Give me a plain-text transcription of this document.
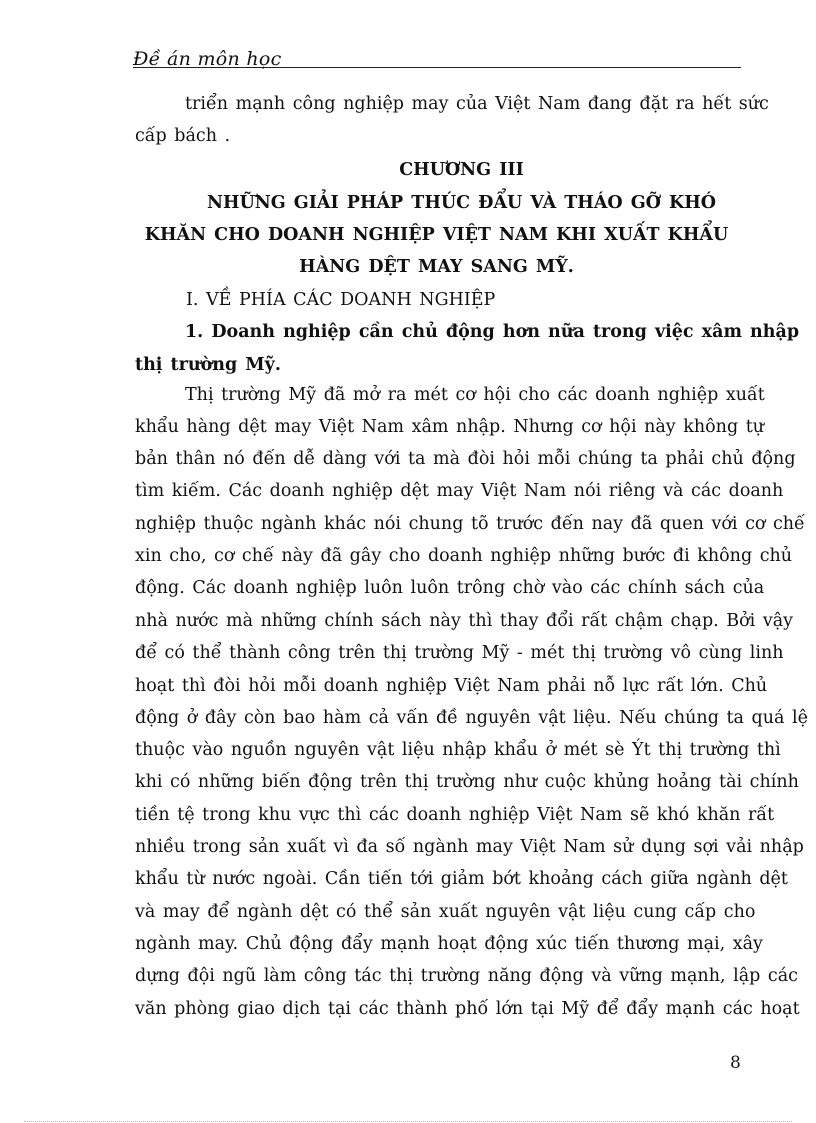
Đề án môn học
triển mạnh công nghiệp may của Việt Nam đang đặt ra hết sức
cấp bách .
CHƯƠNG III
NHỮNG GIẢI PHÁP THÚC ĐẨU VÀ THÁO GỠ KHÓ
KHĂN CHO DOANH NGHIỆP VIỆT NAM KHI XUẤT KHẨU
HÀNG DỆT MAY SANG MỸ.
I. VỀ PHÍA CÁC DOANH NGHIỆP
1. Doanh nghiệp cần chủ động hơn nữa trong việc xâm nhập
thị trường Mỹ.
Thị trường Mỹ đã mở ra mét cơ hội cho các doanh nghiệp xuất
khẩu hàng dệt may Việt Nam xâm nhập. Nhưng cơ hội này không tự
bản thân nó đến dễ dàng với ta mà đòi hỏi mỗi chúng ta phải chủ động
tìm kiếm. Các doanh nghiệp dệt may Việt Nam nói riêng và các doanh
nghiệp thuộc ngành khác nói chung tõ trước đến nay đã quen với cơ chế
xin cho, cơ chế này đã gây cho doanh nghiệp những bước đi không chủ
động. Các doanh nghiệp luôn luôn trông chờ vào các chính sách của
nhà nước mà những chính sách này thì thay đổi rất chậm chạp. Bởi vậy
để có thể thành công trên thị trường Mỹ - mét thị trường vô cùng linh
hoạt thì đòi hỏi mỗi doanh nghiệp Việt Nam phải nỗ lực rất lớn. Chủ
động ở đây còn bao hàm cả vấn đề nguyên vật liệu. Nếu chúng ta quá lệ
thuộc vào nguồn nguyên vật liệu nhập khẩu ở mét sè Ýt thị trường thì
khi có những biến động trên thị trường như cuộc khủng hoảng tài chính
tiền tệ trong khu vực thì các doanh nghiệp Việt Nam sẽ khó khăn rất
nhiều trong sản xuất vì đa số ngành may Việt Nam sử dụng sợi vải nhập
khẩu từ nước ngoài. Cần tiến tới giảm bớt khoảng cách giữa ngành dệt
và may để ngành dệt có thể sản xuất nguyên vật liệu cung cấp cho
ngành may. Chủ động đẩy mạnh hoạt động xúc tiến thương mại, xây
dựng đội ngũ làm công tác thị trường năng động và vững mạnh, lập các
văn phòng giao dịch tại các thành phố lớn tại Mỹ để đẩy mạnh các hoạt
8
